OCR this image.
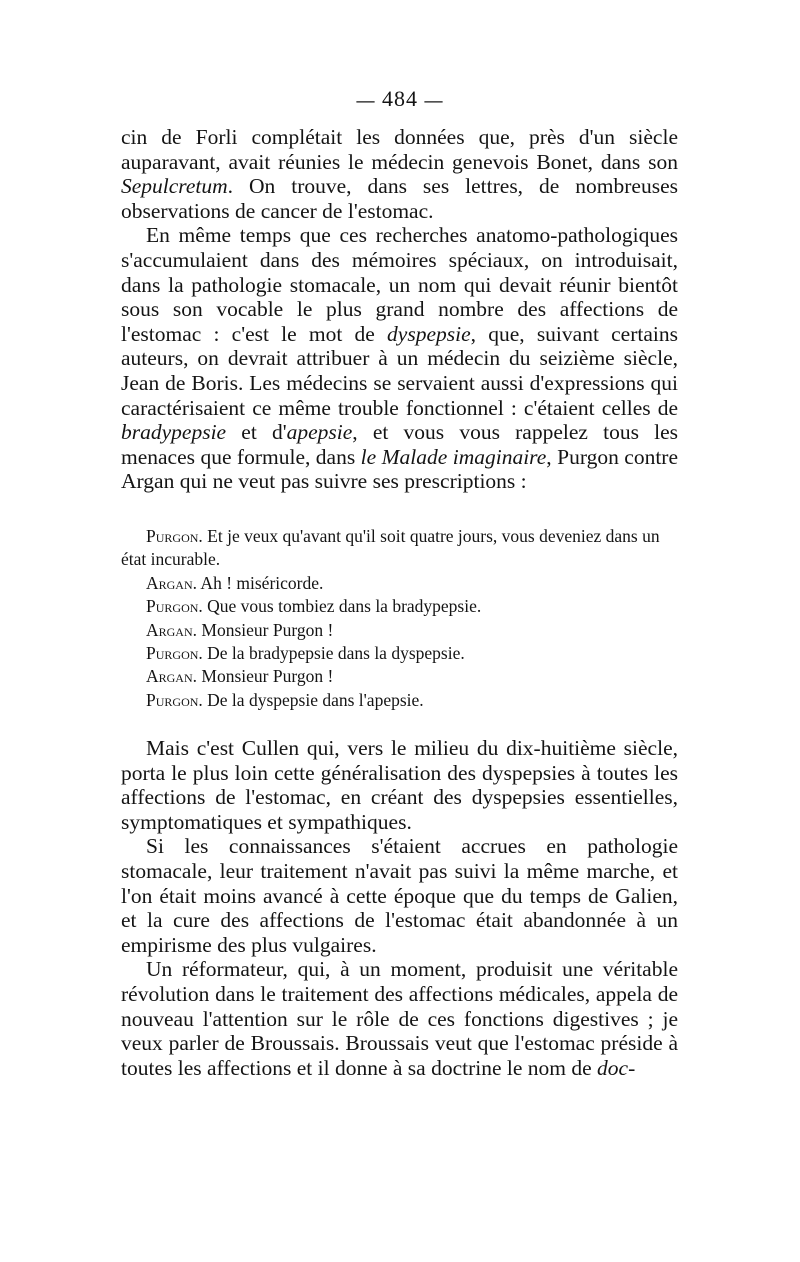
— 484 —

cin de Forli complétait les données que, près d'un siècle auparavant, avait réunies le médecin genevois Bonet, dans son Sepulcretum. On trouve, dans ses lettres, de nombreuses observations de cancer de l'estomac.

En même temps que ces recherches anatomo-pathologiques s'accumulaient dans des mémoires spéciaux, on introduisait, dans la pathologie stomacale, un nom qui devait réunir bientôt sous son vocable le plus grand nombre des affections de l'estomac : c'est le mot de dyspepsie, que, suivant certains auteurs, on devrait attribuer à un médecin du seizième siècle, Jean de Boris. Les médecins se servaient aussi d'expressions qui caractérisaient ce même trouble fonctionnel : c'étaient celles de bradypepsie et d'apepsie, et vous vous rappelez tous les menaces que formule, dans le Malade imaginaire, Purgon contre Argan qui ne veut pas suivre ses prescriptions :

Purgon. Et je veux qu'avant qu'il soit quatre jours, vous deveniez dans un état incurable.

Argan. Ah ! miséricorde.

Purgon. Que vous tombiez dans la bradypepsie.

Argan. Monsieur Purgon !

Purgon. De la bradypepsie dans la dyspepsie.

Argan. Monsieur Purgon !

Purgon. De la dyspepsie dans l'apepsie.

Mais c'est Cullen qui, vers le milieu du dix-huitième siècle, porta le plus loin cette généralisation des dyspepsies à toutes les affections de l'estomac, en créant des dyspepsies essentielles, symptomatiques et sympathiques.

Si les connaissances s'étaient accrues en pathologie stomacale, leur traitement n'avait pas suivi la même marche, et l'on était moins avancé à cette époque que du temps de Galien, et la cure des affections de l'estomac était abandonnée à un empirisme des plus vulgaires.

Un réformateur, qui, à un moment, produisit une véritable révolution dans le traitement des affections médicales, appela de nouveau l'attention sur le rôle de ces fonctions digestives ; je veux parler de Broussais. Broussais veut que l'estomac préside à toutes les affections et il donne à sa doctrine le nom de doc-
